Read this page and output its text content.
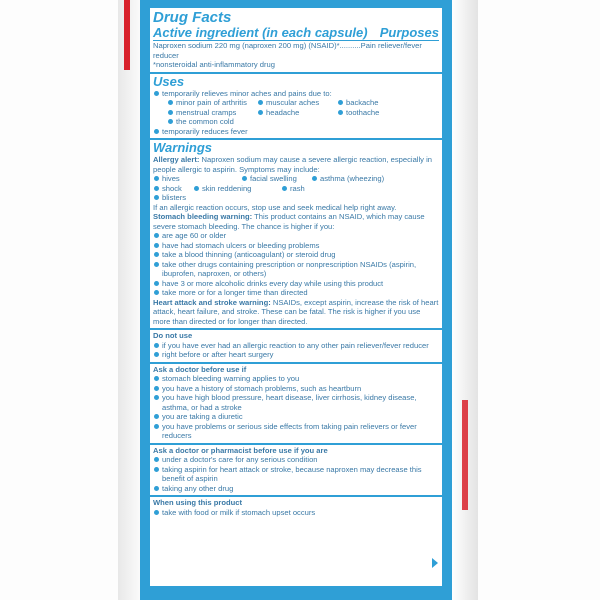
Drug Facts
Active ingredient (in each capsule) Purposes
Naproxen sodium 220 mg (naproxen 200 mg) (NSAID)*..........Pain reliever/fever reducer
*nonsteroidal anti-inflammatory drug
Uses
temporarily relieves minor aches and pains due to:
minor pain of arthritis	muscular aches	backache
menstrual cramps	headache	toothache
the common cold
temporarily reduces fever
Warnings
Allergy alert: Naproxen sodium may cause a severe allergic reaction, especially in people allergic to aspirin. Symptoms may include:
hives	facial swelling	asthma (wheezing)
shock	skin reddening	rash
blisters
If an allergic reaction occurs, stop use and seek medical help right away.
Stomach bleeding warning: This product contains an NSAID, which may cause severe stomach bleeding. The chance is higher if you:
are age 60 or older
have had stomach ulcers or bleeding problems
take a blood thinning (anticoagulant) or steroid drug
take other drugs containing prescription or nonprescription NSAIDs (aspirin, ibuprofen, naproxen, or others)
have 3 or more alcoholic drinks every day while using this product
take more or for a longer time than directed
Heart attack and stroke warning: NSAIDs, except aspirin, increase the risk of heart attack, heart failure, and stroke. These can be fatal. The risk is higher if you use more than directed or for longer than directed.
Do not use
if you have ever had an allergic reaction to any other pain reliever/fever reducer
right before or after heart surgery
Ask a doctor before use if
stomach bleeding warning applies to you
you have a history of stomach problems, such as heartburn
you have high blood pressure, heart disease, liver cirrhosis, kidney disease, asthma, or had a stroke
you are taking a diuretic
you have problems or serious side effects from taking pain relievers or fever reducers
Ask a doctor or pharmacist before use if you are
under a doctor's care for any serious condition
taking aspirin for heart attack or stroke, because naproxen may decrease this benefit of aspirin
taking any other drug
When using this product
take with food or milk if stomach upset occurs
